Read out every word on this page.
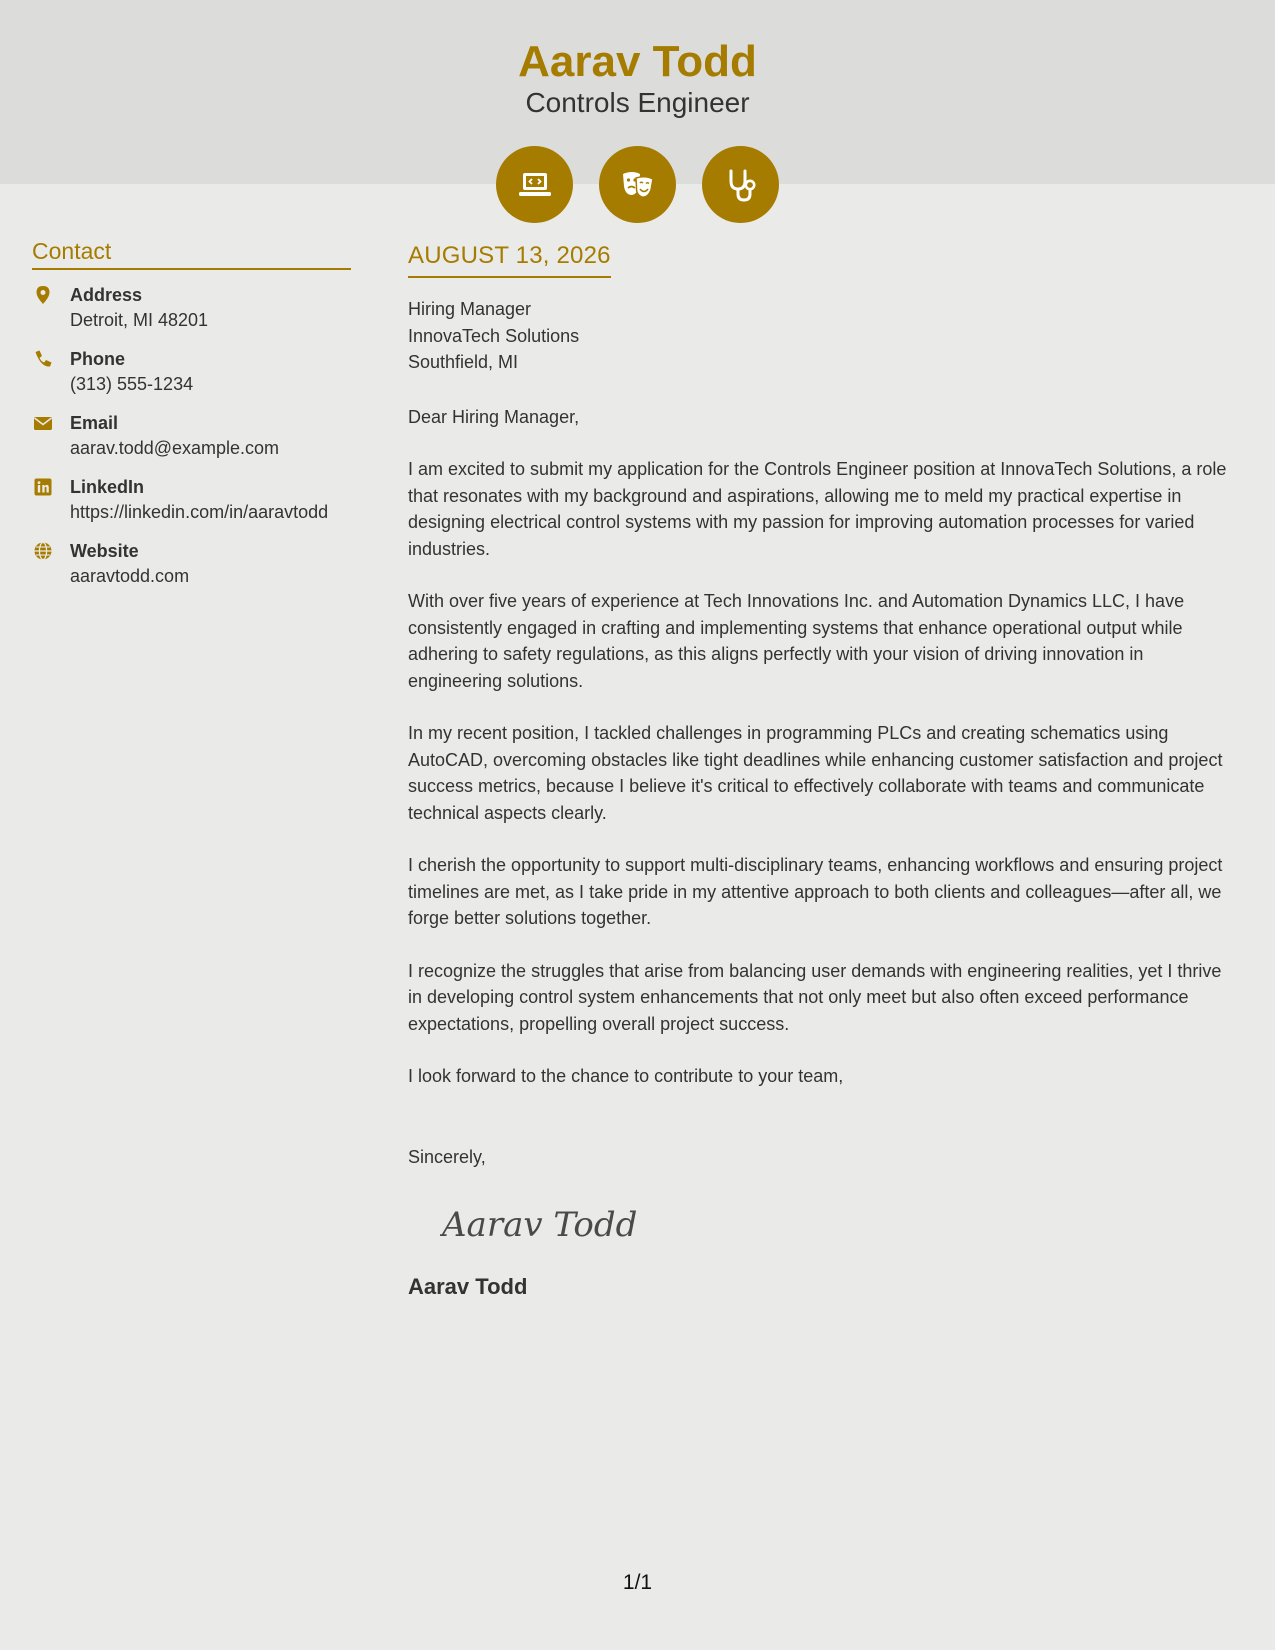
Aarav Todd
Controls Engineer
Contact
Address
Detroit, MI 48201
Phone
(313) 555-1234
Email
aarav.todd@example.com
LinkedIn
https://linkedin.com/in/aaravtodd
Website
aaravtodd.com
AUGUST 13, 2026
Hiring Manager
InnovaTech Solutions
Southfield, MI
Dear Hiring Manager,

I am excited to submit my application for the Controls Engineer position at InnovaTech Solutions, a role that resonates with my background and aspirations, allowing me to meld my practical expertise in designing electrical control systems with my passion for improving automation processes for varied industries.

With over five years of experience at Tech Innovations Inc. and Automation Dynamics LLC, I have consistently engaged in crafting and implementing systems that enhance operational output while adhering to safety regulations, as this aligns perfectly with your vision of driving innovation in engineering solutions.

In my recent position, I tackled challenges in programming PLCs and creating schematics using AutoCAD, overcoming obstacles like tight deadlines while enhancing customer satisfaction and project success metrics, because I believe it's critical to effectively collaborate with teams and communicate technical aspects clearly.

I cherish the opportunity to support multi-disciplinary teams, enhancing workflows and ensuring project timelines are met, as I take pride in my attentive approach to both clients and colleagues—after all, we forge better solutions together.

I recognize the struggles that arise from balancing user demands with engineering realities, yet I thrive in developing control system enhancements that not only meet but also often exceed performance expectations, propelling overall project success.

I look forward to the chance to contribute to your team,

Sincerely,
Aarav Todd
Aarav Todd
1/1
